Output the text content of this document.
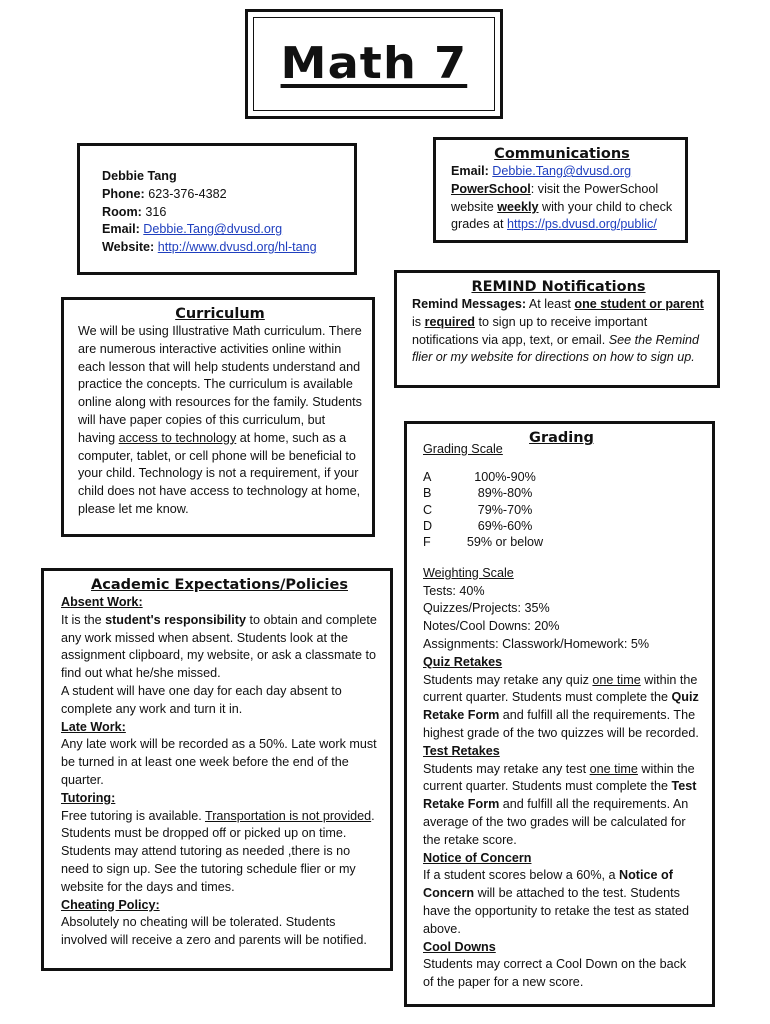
Math 7
Debbie Tang
Phone: 623-376-4382
Room: 316
Email: Debbie.Tang@dvusd.org
Website: http://www.dvusd.org/hl-tang
Communications
Email: Debbie.Tang@dvusd.org
PowerSchool: visit the PowerSchool website weekly with your child to check grades at https://ps.dvusd.org/public/
REMIND Notifications
Remind Messages: At least one student or parent is required to sign up to receive important notifications via app, text, or email. See the Remind flier or my website for directions on how to sign up.
Curriculum
We will be using Illustrative Math curriculum. There are numerous interactive activities online within each lesson that will help students understand and practice the concepts. The curriculum is available online along with resources for the family. Students will have paper copies of this curriculum, but having access to technology at home, such as a computer, tablet, or cell phone will be beneficial to your child. Technology is not a requirement, if your child does not have access to technology at home, please let me know.
Academic Expectations/Policies
Absent Work:
It is the student's responsibility to obtain and complete any work missed when absent. Students look at the assignment clipboard, my website, or ask a classmate to find out what he/she missed.
A student will have one day for each day absent to complete any work and turn it in.
Late Work:
Any late work will be recorded as a 50%. Late work must be turned in at least one week before the end of the quarter.
Tutoring:
Free tutoring is available. Transportation is not provided. Students must be dropped off or picked up on time. Students may attend tutoring as needed ,there is no need to sign up. See the tutoring schedule flier or my website for the days and times.
Cheating Policy:
Absolutely no cheating will be tolerated. Students involved will receive a zero and parents will be notified.
Grading
Grading Scale
A	100%-90%
B	89%-80%
C	79%-70%
D	69%-60%
F	59% or below
Weighting Scale
Tests: 40%
Quizzes/Projects: 35%
Notes/Cool Downs: 20%
Assignments: Classwork/Homework: 5%
Quiz Retakes
Students may retake any quiz one time within the current quarter. Students must complete the Quiz Retake Form and fulfill all the requirements. The highest grade of the two quizzes will be recorded.
Test Retakes
Students may retake any test one time within the current quarter. Students must complete the Test Retake Form and fulfill all the requirements. An average of the two grades will be calculated for the retake score.
Notice of Concern
If a student scores below a 60%, a Notice of Concern will be attached to the test. Students have the opportunity to retake the test as stated above.
Cool Downs
Students may correct a Cool Down on the back of the paper for a new score.
